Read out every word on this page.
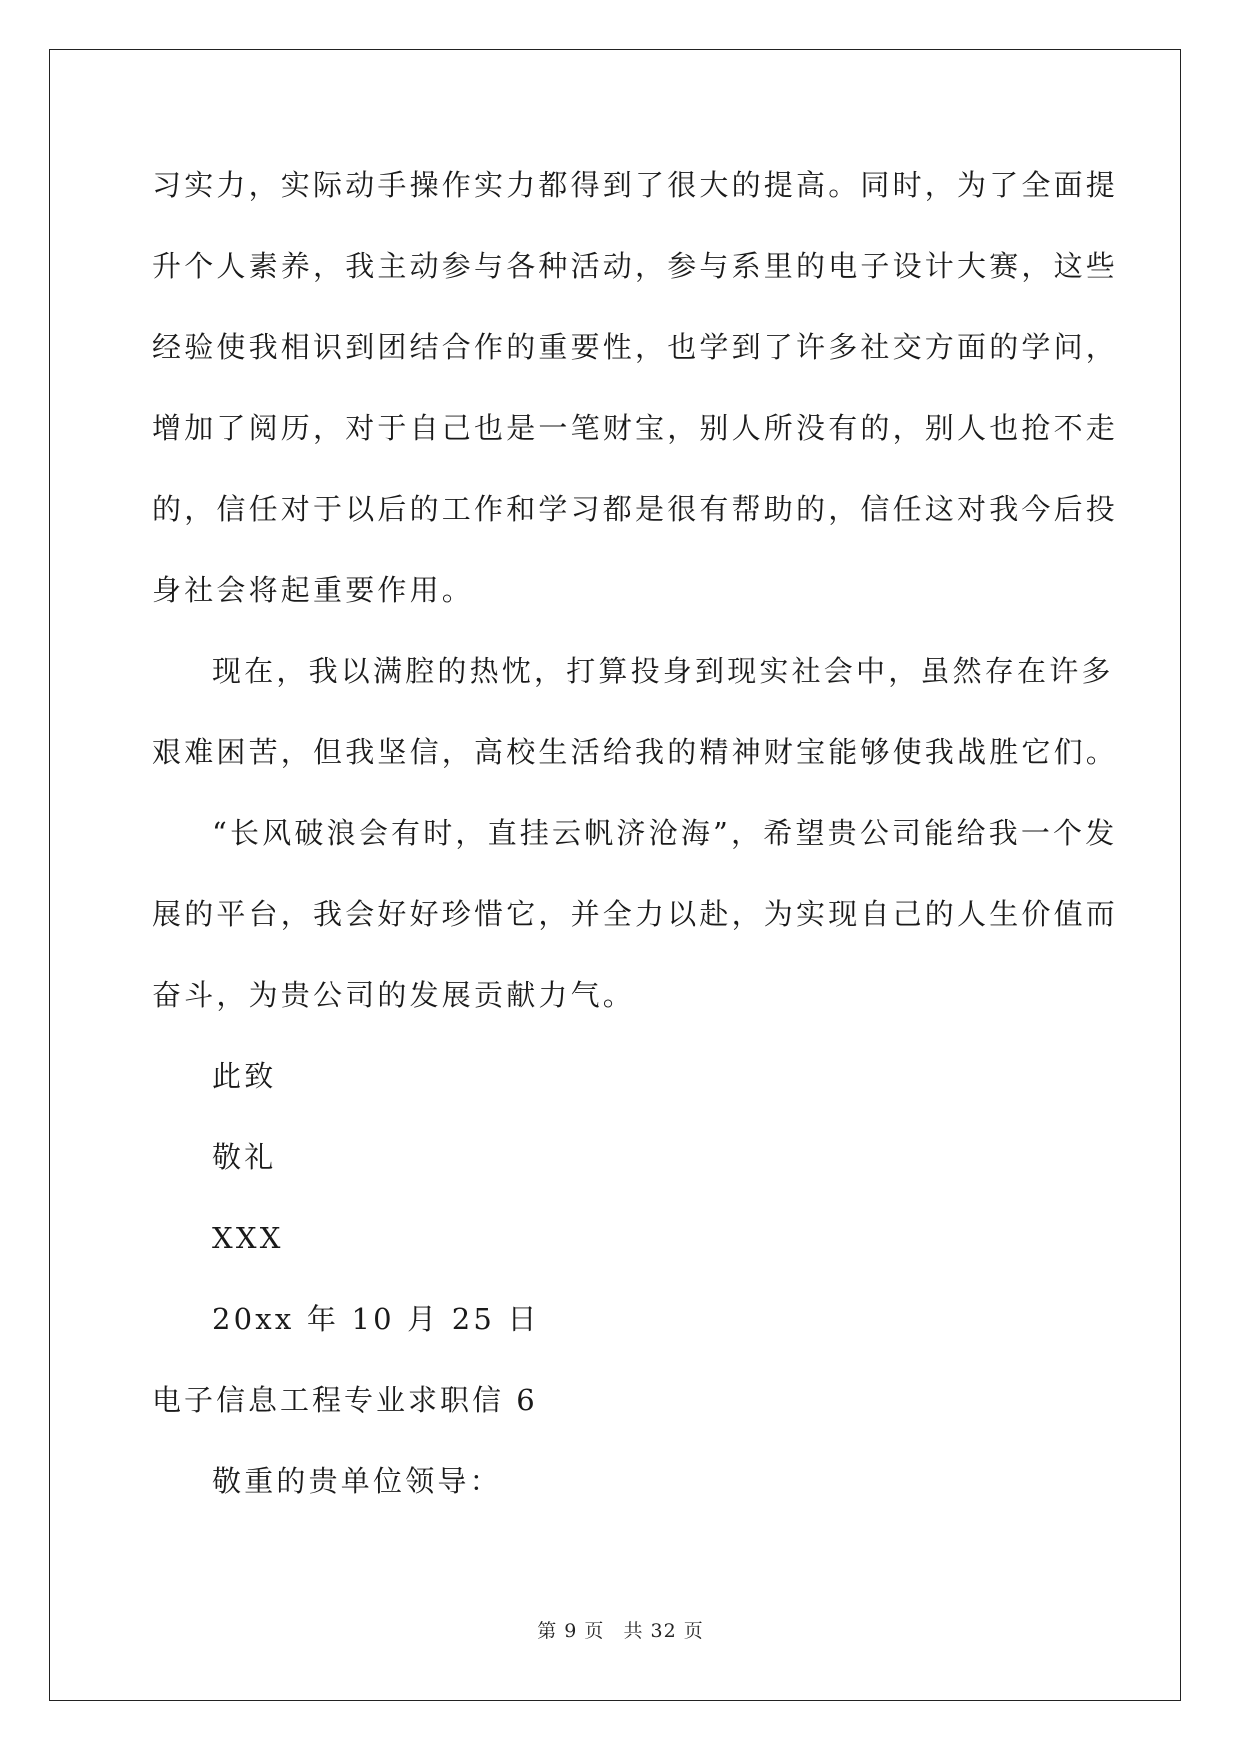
习实力，实际动手操作实力都得到了很大的提高。同时，为了全面提
升个人素养，我主动参与各种活动，参与系里的电子设计大赛，这些
经验使我相识到团结合作的重要性，也学到了许多社交方面的学问，
增加了阅历，对于自己也是一笔财宝，别人所没有的，别人也抢不走
的，信任对于以后的工作和学习都是很有帮助的，信任这对我今后投
身社会将起重要作用。
现在，我以满腔的热忱，打算投身到现实社会中，虽然存在许多
艰难困苦，但我坚信，高校生活给我的精神财宝能够使我战胜它们。
“长风破浪会有时，直挂云帆济沧海”，希望贵公司能给我一个发
展的平台，我会好好珍惜它，并全力以赴，为实现自己的人生价值而
奋斗，为贵公司的发展贡献力气。
此致
敬礼
XXX
20xx 年 10 月 25 日
电子信息工程专业求职信 6
敬重的贵单位领导：
第 9 页 共 32 页
